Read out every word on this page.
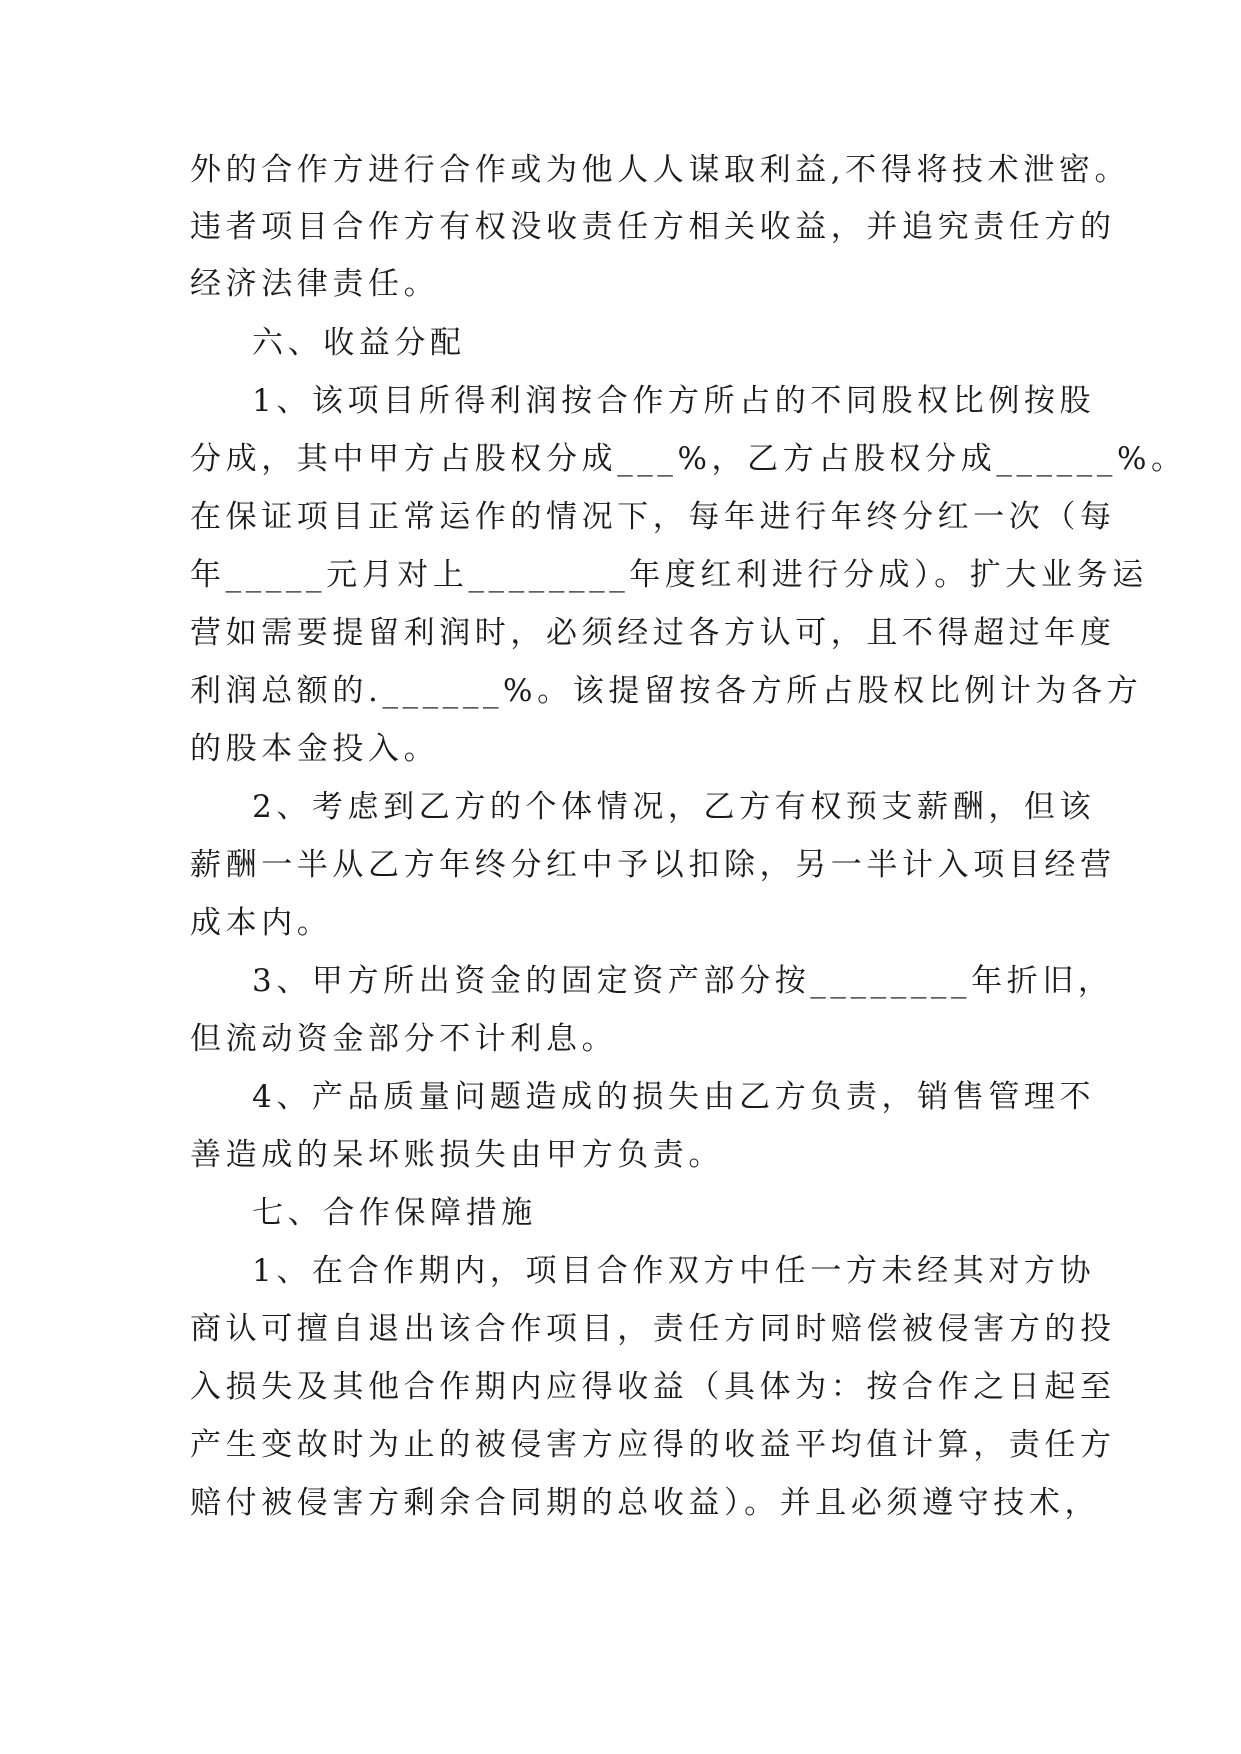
外的合作方进行合作或为他人人谋取利益,不得将技术泄密。
违者项目合作方有权没收责任方相关收益，并追究责任方的
经济法律责任。
六、收益分配
1、该项目所得利润按合作方所占的不同股权比例按股
分成，其中甲方占股权分成___%，乙方占股权分成______%。
在保证项目正常运作的情况下，每年进行年终分红一次（每
年_____元月对上________年度红利进行分成）。扩大业务运
营如需要提留利润时，必须经过各方认可，且不得超过年度
利润总额的.______%。该提留按各方所占股权比例计为各方
的股本金投入。
2、考虑到乙方的个体情况，乙方有权预支薪酬，但该
薪酬一半从乙方年终分红中予以扣除，另一半计入项目经营
成本内。
3、甲方所出资金的固定资产部分按________年折旧，
但流动资金部分不计利息。
4、产品质量问题造成的损失由乙方负责，销售管理不
善造成的呆坏账损失由甲方负责。
七、合作保障措施
1、在合作期内，项目合作双方中任一方未经其对方协
商认可擅自退出该合作项目，责任方同时赔偿被侵害方的投
入损失及其他合作期内应得收益（具体为：按合作之日起至
产生变故时为止的被侵害方应得的收益平均值计算，责任方
赔付被侵害方剩余合同期的总收益）。并且必须遵守技术，
